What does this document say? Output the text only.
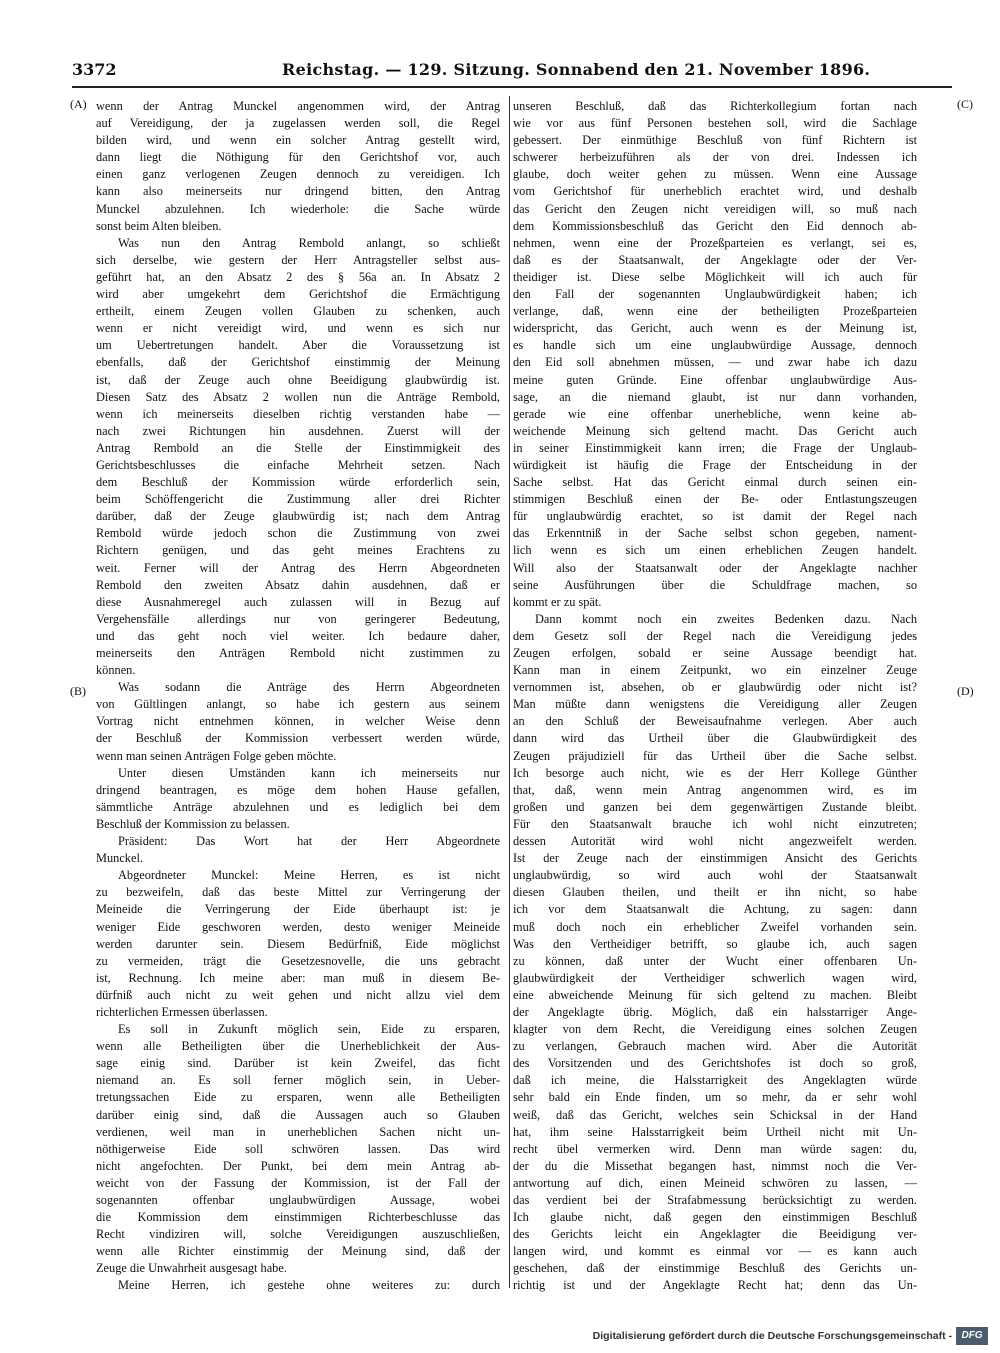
3372	Reichstag. — 129. Sitzung. Sonnabend den 21. November 1896.
(A)
(B)
(C)
(D)
wenn der Antrag Munckel angenommen wird, der Antrag
auf Vereidigung, der ja zugelassen werden soll, die Regel
bilden wird, und wenn ein solcher Antrag gestellt wird,
dann liegt die Nöthigung für den Gerichtshof vor, auch
einen ganz verlogenen Zeugen dennoch zu vereidigen. Ich
kann also meinerseits nur dringend bitten, den Antrag
Munckel abzulehnen. Ich wiederhole: die Sache würde
sonst beim Alten bleiben.
Was nun den Antrag Rembold anlangt, so schließt
sich derselbe, wie gestern der Herr Antragsteller selbst aus-
geführt hat, an den Absatz 2 des § 56a an. In Absatz 2
wird aber umgekehrt dem Gerichtshof die Ermächtigung
ertheilt, einem Zeugen vollen Glauben zu schenken, auch
wenn er nicht vereidigt wird, und wenn es sich nur
um Uebertretungen handelt. Aber die Voraussetzung ist
ebenfalls, daß der Gerichtshof einstimmig der Meinung
ist, daß der Zeuge auch ohne Beeidigung glaubwürdig ist.
Diesen Satz des Absatz 2 wollen nun die Anträge Rembold,
wenn ich meinerseits dieselben richtig verstanden habe —
nach zwei Richtungen hin ausdehnen. Zuerst will der
Antrag Rembold an die Stelle der Einstimmigkeit des
Gerichtsbeschlusses die einfache Mehrheit setzen. Nach
dem Beschluß der Kommission würde erforderlich sein,
beim Schöffengericht die Zustimmung aller drei Richter
darüber, daß der Zeuge glaubwürdig ist; nach dem Antrag
Rembold würde jedoch schon die Zustimmung von zwei
Richtern genügen, und das geht meines Erachtens zu
weit. Ferner will der Antrag des Herrn Abgeordneten
Rembold den zweiten Absatz dahin ausdehnen, daß er
diese Ausnahmeregel auch zulassen will in Bezug auf
Vergehensfälle allerdings nur von geringerer Bedeutung,
und das geht noch viel weiter. Ich bedaure daher,
meinerseits den Anträgen Rembold nicht zustimmen zu
können.
Was sodann die Anträge des Herrn Abgeordneten
von Gültlingen anlangt, so habe ich gestern aus seinem
Vortrag nicht entnehmen können, in welcher Weise denn
der Beschluß der Kommission verbessert werden würde,
wenn man seinen Anträgen Folge geben möchte.
Unter diesen Umständen kann ich meinerseits nur
dringend beantragen, es möge dem hohen Hause gefallen,
sämmtliche Anträge abzulehnen und es lediglich bei dem
Beschluß der Kommission zu belassen.
Präsident: Das Wort hat der Herr Abgeordnete
Munckel.
Abgeordneter Munckel: Meine Herren, es ist nicht
zu bezweifeln, daß das beste Mittel zur Verringerung der
Meineide die Verringerung der Eide überhaupt ist: je
weniger Eide geschworen werden, desto weniger Meineide
werden darunter sein. Diesem Bedürfniß, Eide möglichst
zu vermeiden, trägt die Gesetzesnovelle, die uns gebracht
ist, Rechnung. Ich meine aber: man muß in diesem Be-
dürfniß auch nicht zu weit gehen und nicht allzu viel dem
richterlichen Ermessen überlassen.
Es soll in Zukunft möglich sein, Eide zu ersparen,
wenn alle Betheiligten über die Unerheblichkeit der Aus-
sage einig sind. Darüber ist kein Zweifel, das ficht
niemand an. Es soll ferner möglich sein, in Ueber-
tretungssachen Eide zu ersparen, wenn alle Betheiligten
darüber einig sind, daß die Aussagen auch so Glauben
verdienen, weil man in unerheblichen Sachen nicht un-
nöthigerweise Eide soll schwören lassen. Das wird
nicht angefochten. Der Punkt, bei dem mein Antrag ab-
weicht von der Fassung der Kommission, ist der Fall der
sogenannten offenbar unglaubwürdigen Aussage, wobei
die Kommission dem einstimmigen Richterbeschlusse das
Recht vindiziren will, solche Vereidigungen auszuschließen,
wenn alle Richter einstimmig der Meinung sind, daß der
Zeuge die Unwahrheit ausgesagt habe.
Meine Herren, ich gestehe ohne weiteres zu: durch
unseren Beschluß, daß das Richterkollegium fortan nach
wie vor aus fünf Personen bestehen soll, wird die Sachlage
gebessert. Der einmüthige Beschluß von fünf Richtern ist
schwerer herbeizuführen als der von drei. Indessen ich
glaube, doch weiter gehen zu müssen. Wenn eine Aussage
vom Gerichtshof für unerheblich erachtet wird, und deshalb
das Gericht den Zeugen nicht vereidigen will, so muß nach
dem Kommissionsbeschluß das Gericht den Eid dennoch ab-
nehmen, wenn eine der Prozeßparteien es verlangt, sei es,
daß es der Staatsanwalt, der Angeklagte oder der Ver-
theidiger ist. Diese selbe Möglichkeit will ich auch für
den Fall der sogenannten Unglaubwürdigkeit haben; ich
verlange, daß, wenn eine der betheiligten Prozeßparteien
widerspricht, das Gericht, auch wenn es der Meinung ist,
es handle sich um eine unglaubwürdige Aussage, dennoch
den Eid soll abnehmen müssen, — und zwar habe ich dazu
meine guten Gründe. Eine offenbar unglaubwürdige Aus-
sage, an die niemand glaubt, ist nur dann vorhanden,
gerade wie eine offenbar unerhebliche, wenn keine ab-
weichende Meinung sich geltend macht. Das Gericht auch
in seiner Einstimmigkeit kann irren; die Frage der Unglaub-
würdigkeit ist häufig die Frage der Entscheidung in der
Sache selbst. Hat das Gericht einmal durch seinen ein-
stimmigen Beschluß einen der Be- oder Entlastungszeugen
für unglaubwürdig erachtet, so ist damit der Regel nach
das Erkenntniß in der Sache selbst schon gegeben, nament-
lich wenn es sich um einen erheblichen Zeugen handelt.
Will also der Staatsanwalt oder der Angeklagte nachher
seine Ausführungen über die Schuldfrage machen, so
kommt er zu spät.
Dann kommt noch ein zweites Bedenken dazu. Nach
dem Gesetz soll der Regel nach die Vereidigung jedes
Zeugen erfolgen, sobald er seine Aussage beendigt hat.
Kann man in einem Zeitpunkt, wo ein einzelner Zeuge
vernommen ist, absehen, ob er glaubwürdig oder nicht ist?
Man müßte dann wenigstens die Vereidigung aller Zeugen
an den Schluß der Beweisaufnahme verlegen. Aber auch
dann wird das Urtheil über die Glaubwürdigkeit des
Zeugen präjudiziell für das Urtheil über die Sache selbst.
Ich besorge auch nicht, wie es der Herr Kollege Günther
that, daß, wenn mein Antrag angenommen wird, es im
großen und ganzen bei dem gegenwärtigen Zustande bleibt.
Für den Staatsanwalt brauche ich wohl nicht einzutreten;
dessen Autorität wird wohl nicht angezweifelt werden.
Ist der Zeuge nach der einstimmigen Ansicht des Gerichts
unglaubwürdig, so wird auch wohl der Staatsanwalt
diesen Glauben theilen, und theilt er ihn nicht, so habe
ich vor dem Staatsanwalt die Achtung, zu sagen: dann
muß doch noch ein erheblicher Zweifel vorhanden sein.
Was den Vertheidiger betrifft, so glaube ich, auch sagen
zu können, daß unter der Wucht einer offenbaren Un-
glaubwürdigkeit der Vertheidiger schwerlich wagen wird,
eine abweichende Meinung für sich geltend zu machen. Bleibt
der Angeklagte übrig. Möglich, daß ein halsstarriger Ange-
klagter von dem Recht, die Vereidigung eines solchen Zeugen
zu verlangen, Gebrauch machen wird. Aber die Autorität
des Vorsitzenden und des Gerichtshofes ist doch so groß,
daß ich meine, die Halsstarrigkeit des Angeklagten würde
sehr bald ein Ende finden, um so mehr, da er sehr wohl
weiß, daß das Gericht, welches sein Schicksal in der Hand
hat, ihm seine Halsstarrigkeit beim Urtheil nicht mit Un-
recht übel vermerken wird. Denn man würde sagen: du,
der du die Missethat begangen hast, nimmst noch die Ver-
antwortung auf dich, einen Meineid schwören zu lassen, —
das verdient bei der Strafabmessung berücksichtigt zu werden.
Ich glaube nicht, daß gegen den einstimmigen Beschluß
des Gerichts leicht ein Angeklagter die Beeidigung ver-
langen wird, und kommt es einmal vor — es kann auch
geschehen, daß der einstimmige Beschluß des Gerichts un-
richtig ist und der Angeklagte Recht hat; denn das Un-
Digitalisierung gefördert durch die Deutsche Forschungsgemeinschaft - DFG
